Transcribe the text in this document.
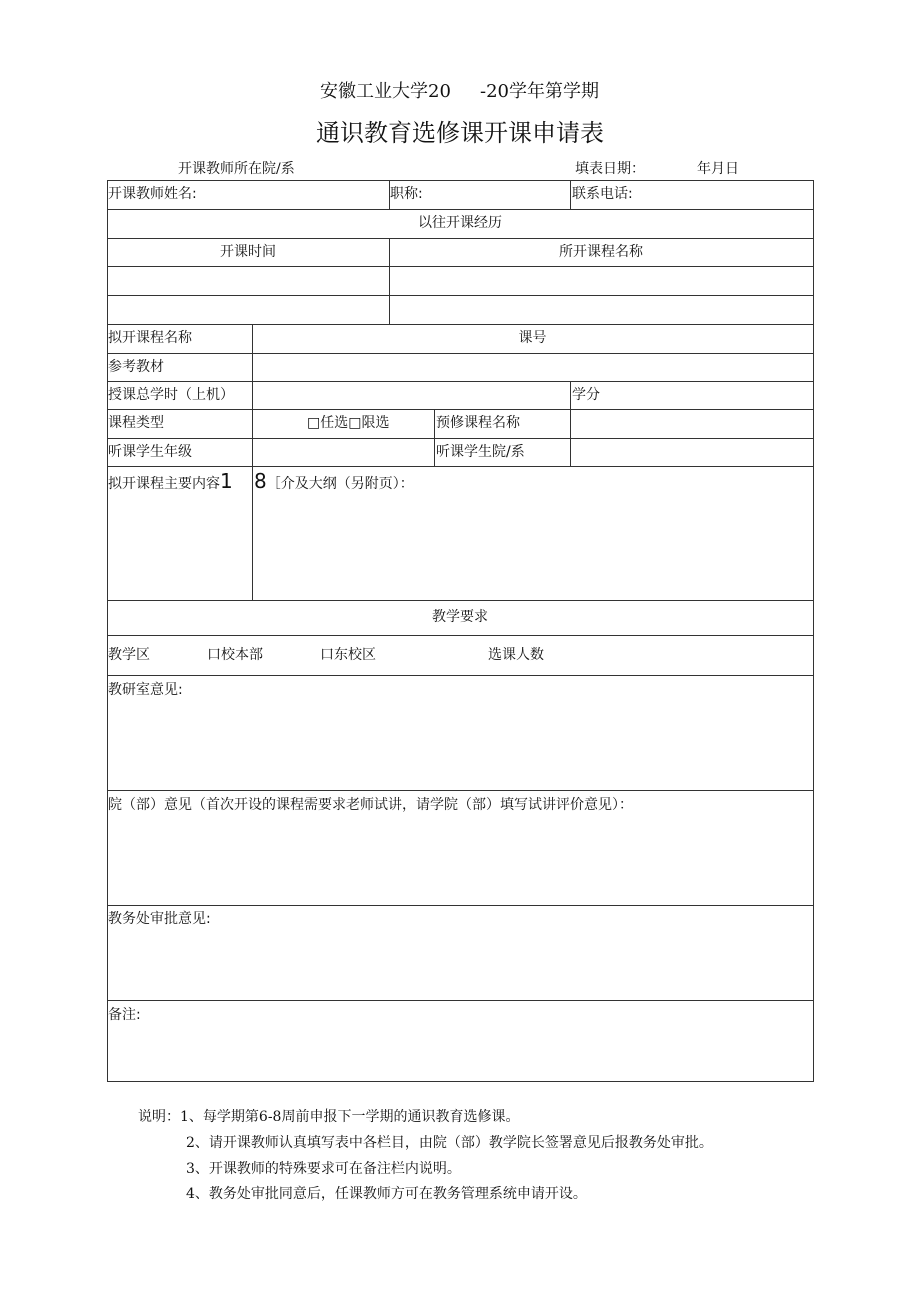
安徽工业大学20 -20学年第学期
通识教育选修课开课申请表
开课教师所在院/系	填表日期：	年月日
开课教师姓名:	职称:	联系电话:
以往开课经历
开课时间	所开课程名称
拟开课程名称	课号
参考教材
授课总学时（上机）	学分
课程类型	□任选□限选	预修课程名称
听课学生年级	听课学生院/系
拟开课程主要内容1 8［介及大纲（另附页）：
教学要求
教学区	口校本部	口东校区	选课人数
教研室意见:
院（部）意见（首次开设的课程需要求老师试讲，请学院（部）填写试讲评价意见）：
教务处审批意见:
备注:
说明：1、每学期第6-8周前申报下一学期的通识教育选修课。
2、请开课教师认真填写表中各栏目，由院（部）教学院长签署意见后报教务处审批。
3、开课教师的特殊要求可在备注栏内说明。
4、教务处审批同意后，任课教师方可在教务管理系统申请开设。
